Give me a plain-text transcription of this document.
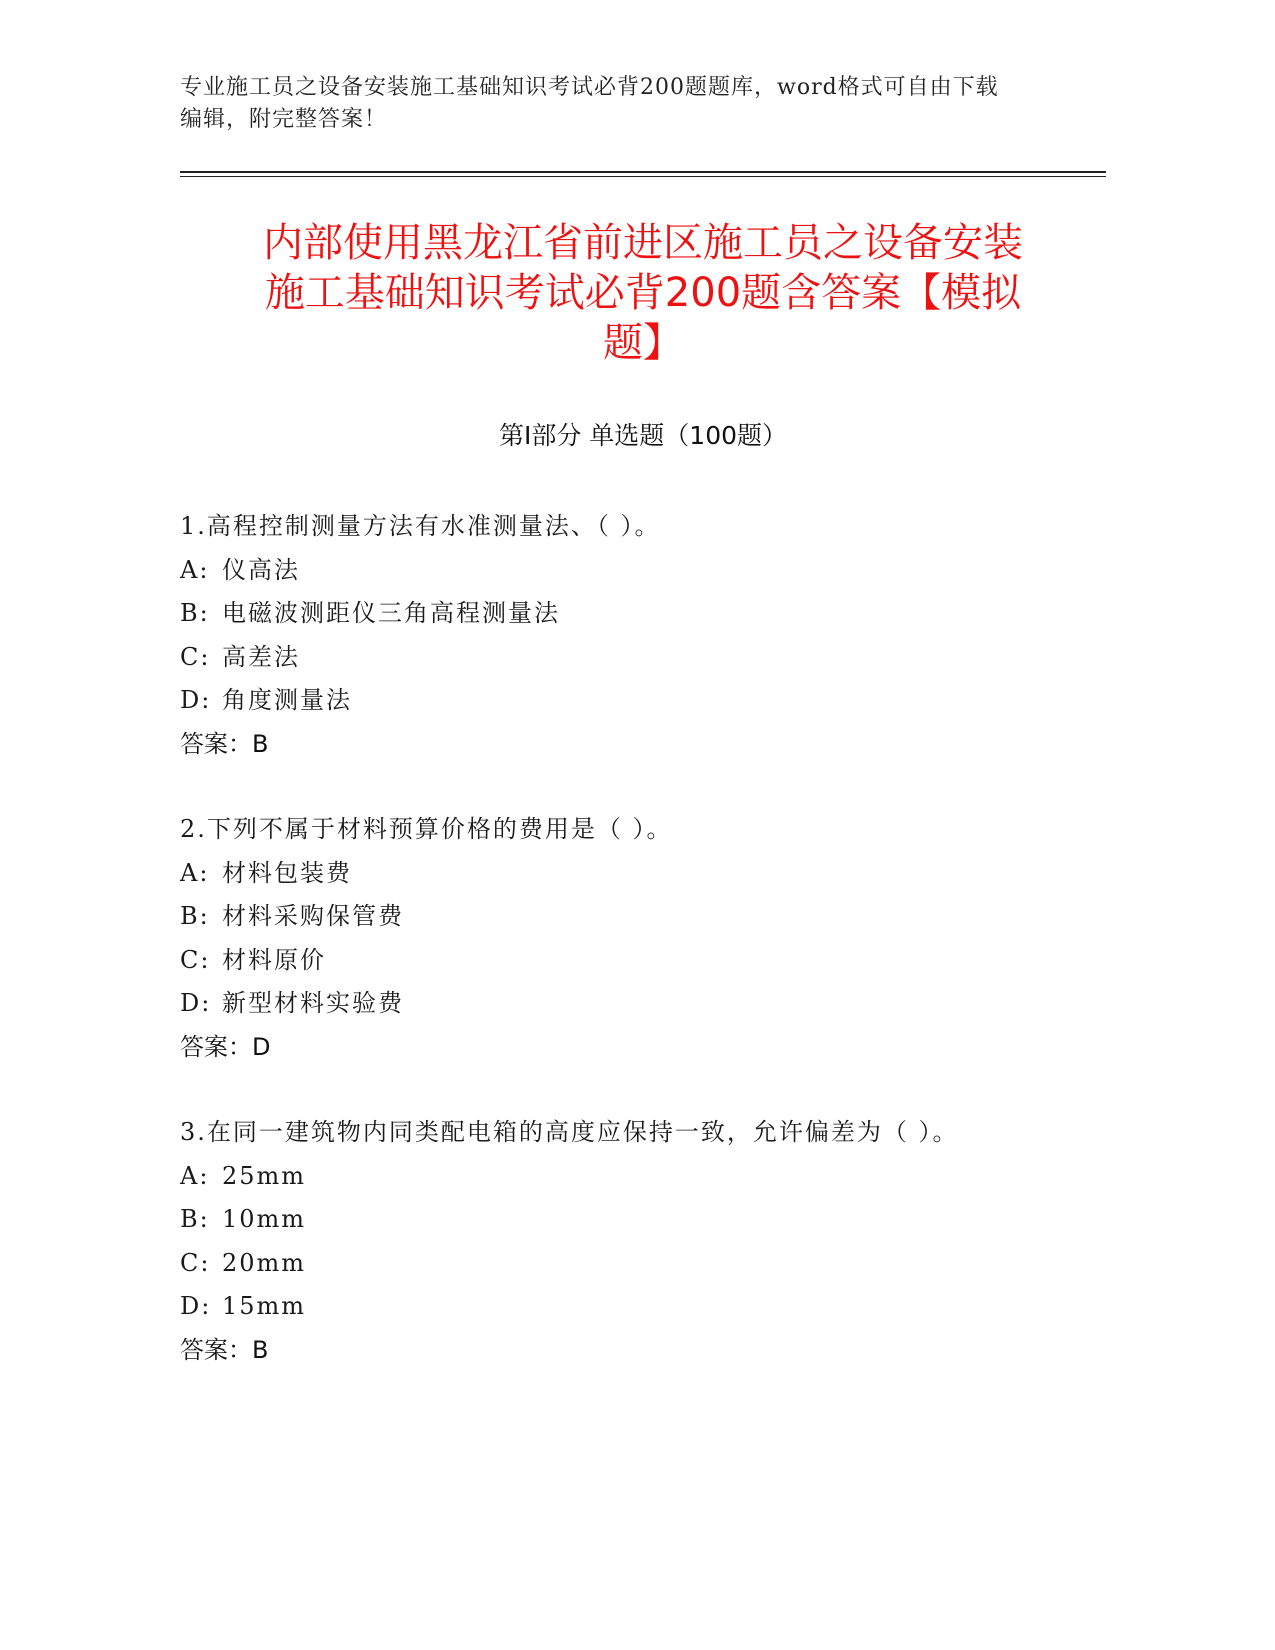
专业施工员之设备安装施工基础知识考试必背200题题库，word格式可自由下载
编辑，附完整答案！
内部使用黑龙江省前进区施工员之设备安装
施工基础知识考试必背200题含答案【模拟
题】
第Ⅰ部分 单选题（100题）
1.高程控制测量方法有水准测量法、（ ）。
A: 仪高法
B: 电磁波测距仪三角高程测量法
C: 高差法
D: 角度测量法
答案：B
2.下列不属于材料预算价格的费用是（ ）。
A: 材料包装费
B: 材料采购保管费
C: 材料原价
D: 新型材料实验费
答案：D
3.在同一建筑物内同类配电箱的高度应保持一致，允许偏差为（ ）。
A: 25mm
B: 10mm
C: 20mm
D: 15mm
答案：B
